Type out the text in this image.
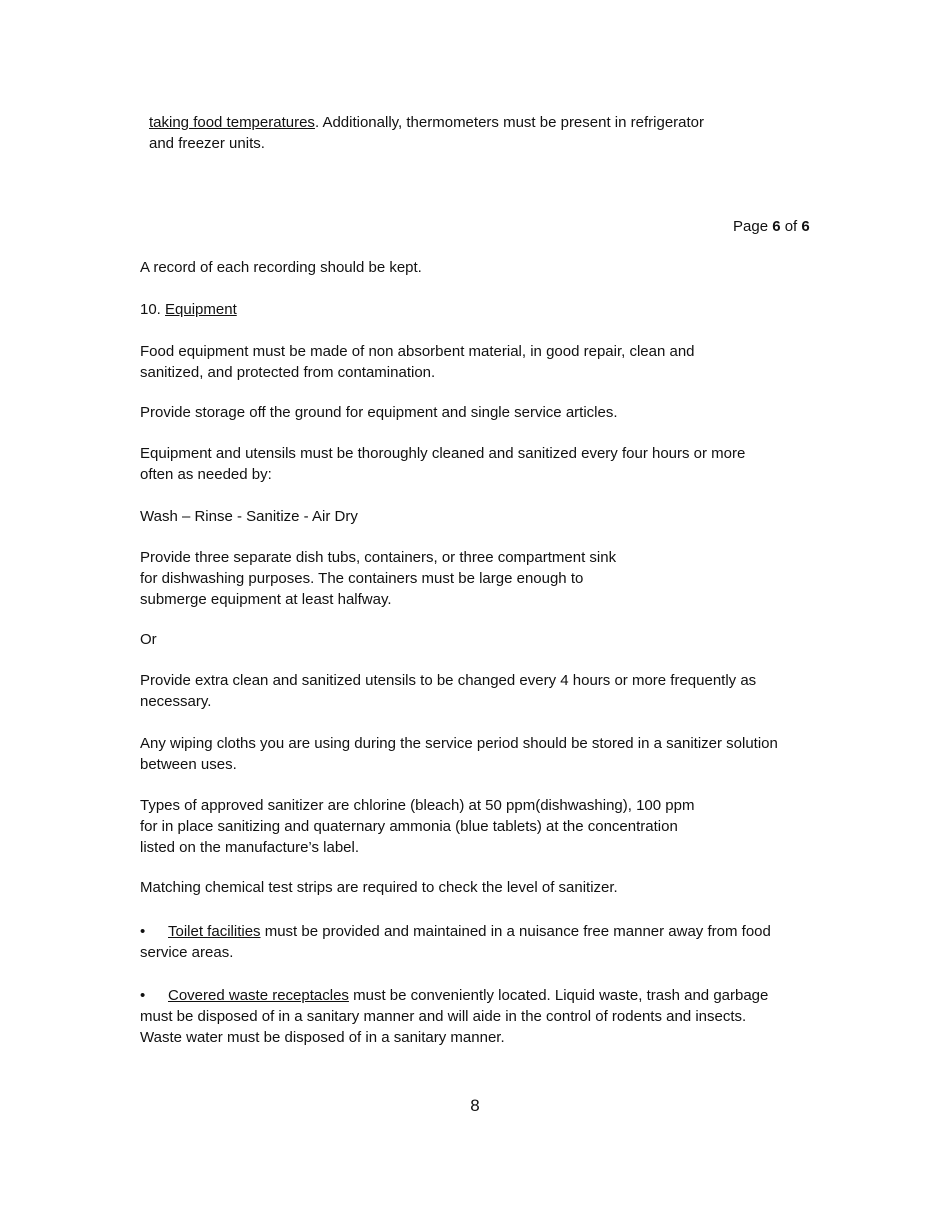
taking food temperatures. Additionally, thermometers must be present in refrigerator
and freezer units.
Page 6 of 6
A record of each recording should be kept.
10. Equipment
Food equipment must be made of non absorbent material, in good repair, clean and
sanitized, and protected from contamination.
Provide storage off the ground for equipment and single service articles.
Equipment and utensils must be thoroughly cleaned and sanitized every four hours or more
often as needed by:
Wash – Rinse - Sanitize - Air Dry
Provide three separate dish tubs, containers, or three compartment sink
for dishwashing purposes. The containers must be large enough to
submerge equipment at least halfway.
Or
Provide extra clean and sanitized utensils to be changed every 4 hours or more frequently as
necessary.
Any wiping cloths you are using during the service period should be stored in a sanitizer solution
between uses.
Types of approved sanitizer are chlorine (bleach) at 50 ppm(dishwashing), 100 ppm
for in place sanitizing and quaternary ammonia (blue tablets) at the concentration
listed on the manufacture’s label.
Matching chemical test strips are required to check the level of sanitizer.
• Toilet facilities must be provided and maintained in a nuisance free manner away from food
service areas.
• Covered waste receptacles must be conveniently located. Liquid waste, trash and garbage
must be disposed of in a sanitary manner and will aide in the control of rodents and insects.
Waste water must be disposed of in a sanitary manner.
8
